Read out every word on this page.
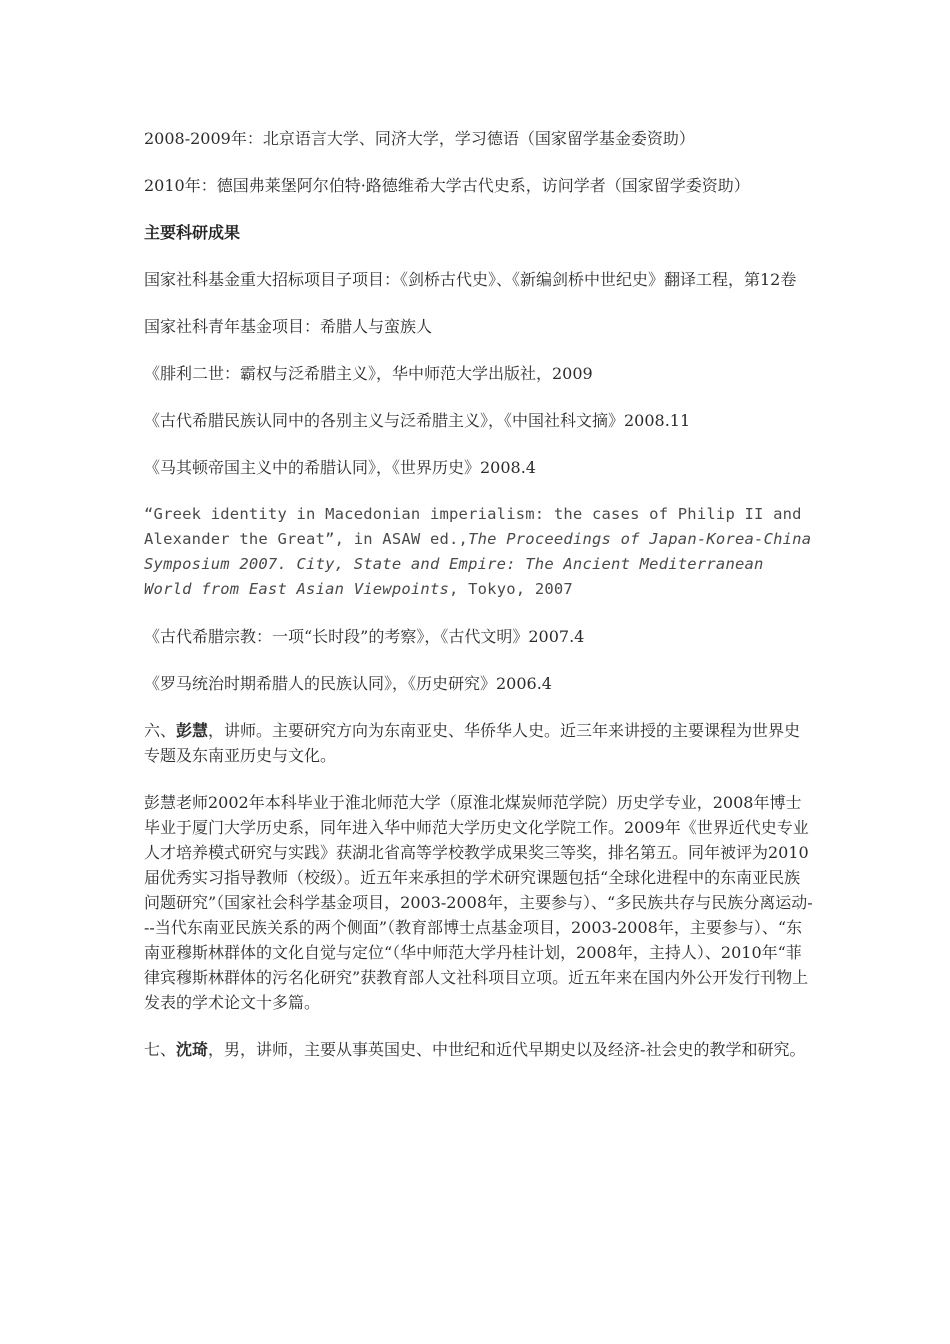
2008-2009年：北京语言大学、同济大学，学习德语（国家留学基金委资助）

2010年：德国弗莱堡阿尔伯特·路德维希大学古代史系，访问学者（国家留学委资助）

主要科研成果

国家社科基金重大招标项目子项目：《剑桥古代史》、《新编剑桥中世纪史》翻译工程，第12卷

国家社科青年基金项目：希腊人与蛮族人

《腓利二世：霸权与泛希腊主义》，华中师范大学出版社，2009

《古代希腊民族认同中的各别主义与泛希腊主义》，《中国社科文摘》2008.11

《马其顿帝国主义中的希腊认同》，《世界历史》2008.4

“Greek identity in Macedonian imperialism: the cases of Philip II and Alexander the Great”, in ASAW ed.,The Proceedings of Japan-Korea-China Symposium 2007. City, State and Empire: The Ancient Mediterranean World from East Asian Viewpoints, Tokyo, 2007

《古代希腊宗教：一项“长时段”的考察》，《古代文明》2007.4

《罗马统治时期希腊人的民族认同》，《历史研究》2006.4

六、彭慧，讲师。主要研究方向为东南亚史、华侨华人史。近三年来讲授的主要课程为世界史专题及东南亚历史与文化。

彭慧老师2002年本科毕业于淮北师范大学（原淮北煤炭师范学院）历史学专业，2008年博士毕业于厦门大学历史系，同年进入华中师范大学历史文化学院工作。2009年《世界近代史专业人才培养模式研究与实践》获湖北省高等学校教学成果奖三等奖，排名第五。同年被评为2010届优秀实习指导教师（校级）。近五年来承担的学术研究课题包括“全球化进程中的东南亚民族问题研究”（国家社会科学基金项目，2003-2008年，主要参与）、“多民族共存与民族分离运动---当代东南亚民族关系的两个侧面”（教育部博士点基金项目，2003-2008年，主要参与）、“东南亚穆斯林群体的文化自觉与定位“（华中师范大学丹桂计划，2008年，主持人）、2010年“菲律宾穆斯林群体的污名化研究”获教育部人文社科项目立项。近五年来在国内外公开发行刊物上发表的学术论文十多篇。

七、沈琦，男，讲师，主要从事英国史、中世纪和近代早期史以及经济-社会史的教学和研究。
